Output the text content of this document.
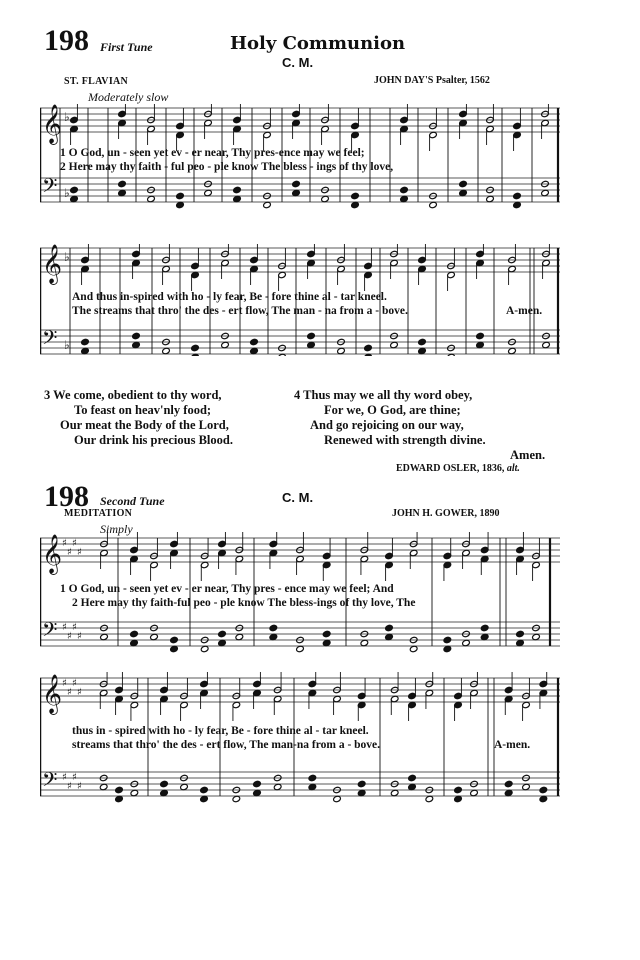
198 First Tune	Holy Communion
C. M.
ST. FLAVIAN	JOHN DAY'S Psalter, 1562
Moderately slow
𝄞 ♭
𝄢 ♭
1 O God, un - seen yet ev - er near, Thy pres-ence may we feel;
2 Here may thy faith - ful peo - ple know The bless - ings of thy love,
𝄞 ♭
𝄢 ♭
And thus in-spired with ho - ly fear, Be - fore thine al - tar kneel.
The streams that thro' the des - ert flow, The man - na from a - bove.	A-men.
3 We come, obedient to thy word,
To feast on heav'nly food;
Our meat the Body of the Lord,
Our drink his precious Blood.
4 Thus may we all thy word obey,
For we, O God, are thine;
And go rejoicing on our way,
Renewed with strength divine.
Amen.
EDWARD OSLER, 1836, alt.
198 Second Tune	C. M.
MEDITATION	JOHN H. GOWER, 1890
Simply
𝄞 ♯
♯
♯
♯
𝄢 ♯
♯
♯
♯
1 O God, un - seen yet ev - er near, Thy pres - ence may we feel; And
2 Here may thy faith-ful peo - ple know The bless-ings of thy love, The
𝄞 ♯
♯
♯
♯
𝄢 ♯
♯
♯
♯
thus in - spired with ho - ly fear, Be - fore thine al - tar kneel.
streams that thro' the des - ert flow, The man-na from a - bove.	A-men.
